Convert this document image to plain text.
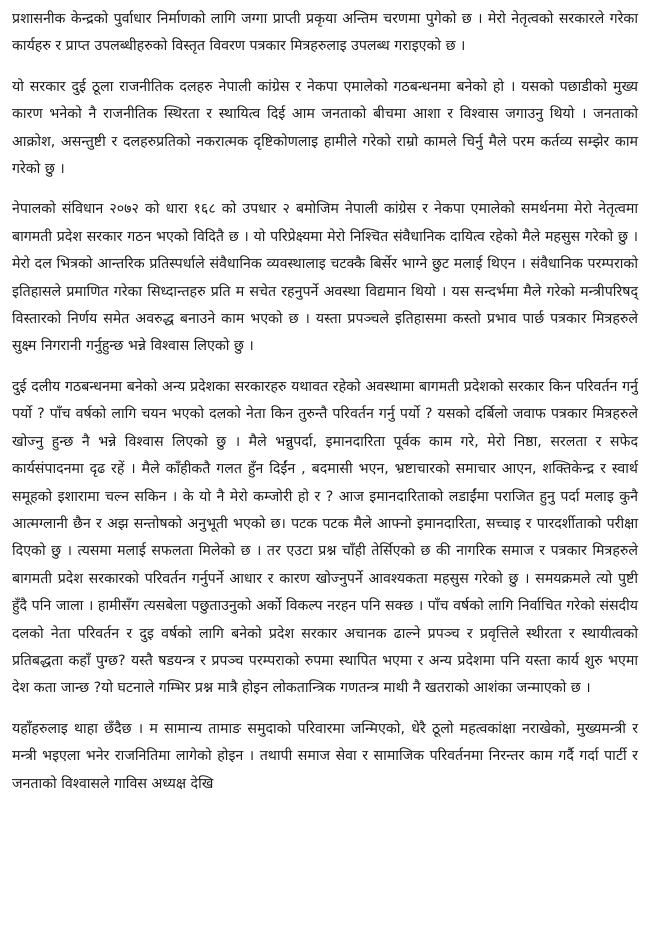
प्रशासनीक केन्द्रको पुर्वाधार निर्माणको लागि जग्गा प्राप्ती प्रकृया अन्तिम चरणमा पुगेको छ । मेरो नेतृत्वको सरकारले गरेका कार्यहरु र प्राप्त उपलब्धीहरुको विस्तृत विवरण पत्रकार मित्रहरुलाइ उपलब्ध गराइएको छ ।

यो सरकार दुई ठूला राजनीतिक दलहरु नेपाली कांग्रेस र नेकपा एमालेको गठबन्धनमा बनेको हो । यसको पछाडीको मुख्य कारण भनेको नै राजनीतिक स्थिरता र स्थायित्व दिई आम जनताको बीचमा आशा र विश्वास जगाउनु थियो । जनताको आक्रोश, असन्तुष्टी र दलहरुप्रतिको नकरात्मक दृष्टिकोणलाइ हामीले गरेको राम्रो कामले चिर्नु मैले परम कर्तव्य सम्झेर काम गरेको छु ।

नेपालको संविधान २०७२ को धारा १६८ को उपधार २ बमोजिम नेपाली कांग्रेस र नेकपा एमालेको समर्थनमा मेरो नेतृत्वमा बागमती प्रदेश सरकार गठन भएको विदितै छ । यो परिप्रेक्ष्यमा मेरो निश्चित संवैधानिक दायित्व रहेको मैले महसुस गरेको छु । मेरो दल भित्रको आन्तरिक प्रतिस्पर्धाले संवैधानिक व्यवस्थालाइ चटक्कै बिर्सेर भाग्ने छुट मलाई थिएन । संवैधानिक परम्पराको इतिहासले प्रमाणित गरेका सिध्दान्तहरु प्रति म सचेत रहनुपर्ने अवस्था विद्यमान थियो । यस सन्दर्भमा मैले गरेको मन्त्रीपरिषद् विस्तारको निर्णय समेत अवरुद्ध बनाउने काम भएको छ । यस्ता प्रपञ्चले इतिहासमा कस्तो प्रभाव पार्छ पत्रकार मित्रहरुले सुक्ष्म निगरानी गर्नुहुन्छ भन्ने विश्वास लिएको छु ।

दुई दलीय गठबन्धनमा बनेको अन्य प्रदेशका सरकारहरु यथावत रहेको अवस्थामा बागमती प्रदेशको सरकार किन परिवर्तन गर्नु पर्यो ? पाँच वर्षको लागि चयन भएको दलको नेता किन तुरुन्तै परिवर्तन गर्नु पर्यो ? यसको दर्बिलो जवाफ पत्रकार मित्रहरुले खोज्नु हुन्छ नै भन्ने विश्वास लिएको छु । मैले भन्नुपर्दा, इमानदारिता पूर्वक काम गरे, मेरो निष्ठा, सरलता र सफेद कार्यसंपादनमा दृढ रहें । मैले काँहीकतै गलत हुँन दिईंन , बदमासी भएन, भ्रष्टाचारको समाचार आएन, शक्तिकेन्द्र र स्वार्थ समूहको इशारामा चल्न सकिन । के यो नै मेरो कम्जोरी हो र ? आज इमानदारिताको लडाईंमा पराजित हुनु पर्दा मलाइ कुनै आत्मग्लानी छैन र अझ सन्तोषको अनुभूती भएको छ। पटक पटक मैले आफ्नो इमानदारिता, सच्चाइ र पारदर्शीताको परीक्षा दिएको छु । त्यसमा मलाई सफलता मिलेको छ । तर एउटा प्रश्न चाँही तेर्सिएको छ की नागरिक समाज र पत्रकार मित्रहरुले बागमती प्रदेश सरकारको परिवर्तन गर्नुपर्ने आधार र कारण खोज्नुपर्ने आवश्यकता महसुस गरेको छु । समयक्रमले त्यो पुष्टी हुँदै पनि जाला । हामीसँग त्यसबेला पछुताउनुको अर्को विकल्प नरहन पनि सक्छ । पाँच वर्षको लागि निर्वाचित गरेको संसदीय दलको नेता परिवर्तन र दुइ वर्षको लागि बनेको प्रदेश सरकार अचानक ढाल्ने प्रपञ्च र प्रवृत्तिले स्थीरता र स्थायीत्वको प्रतिबद्धता कहाँ पुग्छ? यस्तै षडयन्त्र र प्रपञ्च परम्पराको रुपमा स्थापित भएमा र अन्य प्रदेशमा पनि यस्ता कार्य शुरु भएमा देश कता जान्छ ?यो घटनाले गम्भिर प्रश्न मात्रै होइन लोकतान्त्रिक गणतन्त्र माथी नै खतराको आशंका जन्माएको छ ।

यहाँहरुलाइ थाहा छँदैछ । म सामान्य तामाङ समुदाको परिवारमा जन्मिएको, धेरै ठूलो महत्वकांक्षा नराखेको, मुख्यमन्त्री र मन्त्री भइएला भनेर राजनितिमा लागेको होइन । तथापी समाज सेवा र सामाजिक परिवर्तनमा निरन्तर काम गर्दै गर्दा पार्टी र जनताको विश्वासले गाविस अध्यक्ष देखि
